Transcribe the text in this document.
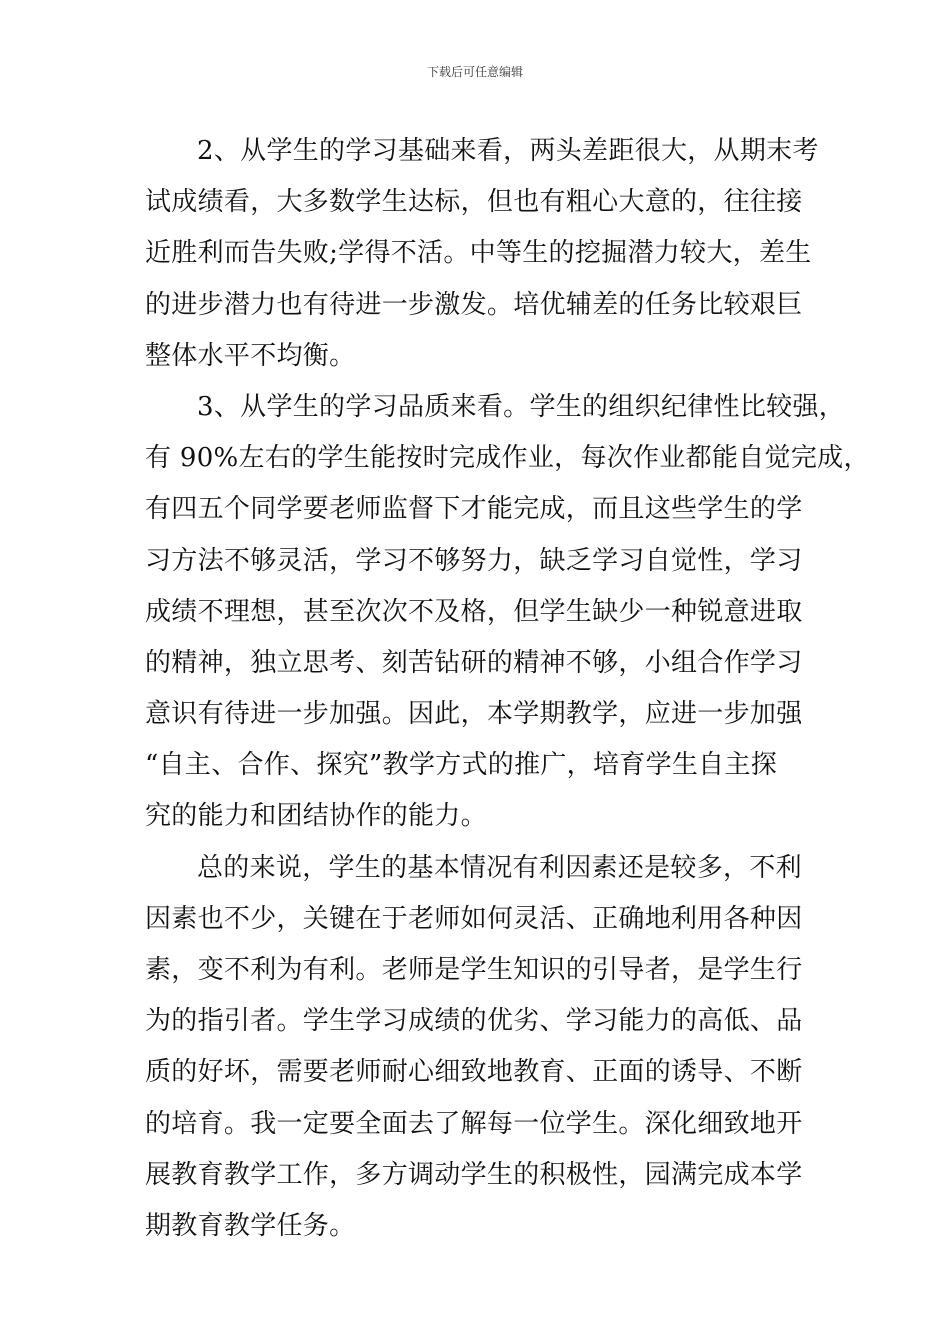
下载后可任意编辑
2、从学生的学习基础来看，两头差距很大，从期末考
试成绩看，大多数学生达标，但也有粗心大意的，往往接
近胜利而告失败;学得不活。中等生的挖掘潜力较大，差生
的进步潜力也有待进一步激发。培优辅差的任务比较艰巨
整体水平不均衡。
3、从学生的学习品质来看。学生的组织纪律性比较强，
有 90%左右的学生能按时完成作业，每次作业都能自觉完成，
有四五个同学要老师监督下才能完成，而且这些学生的学
习方法不够灵活，学习不够努力，缺乏学习自觉性，学习
成绩不理想，甚至次次不及格，但学生缺少一种锐意进取
的精神，独立思考、刻苦钻研的精神不够，小组合作学习
意识有待进一步加强。因此，本学期教学，应进一步加强
“自主、合作、探究”教学方式的推广，培育学生自主探
究的能力和团结协作的能力。
总的来说，学生的基本情况有利因素还是较多，不利
因素也不少，关键在于老师如何灵活、正确地利用各种因
素，变不利为有利。老师是学生知识的引导者，是学生行
为的指引者。学生学习成绩的优劣、学习能力的高低、品
质的好坏，需要老师耐心细致地教育、正面的诱导、不断
的培育。我一定要全面去了解每一位学生。深化细致地开
展教育教学工作，多方调动学生的积极性，园满完成本学
期教育教学任务。
